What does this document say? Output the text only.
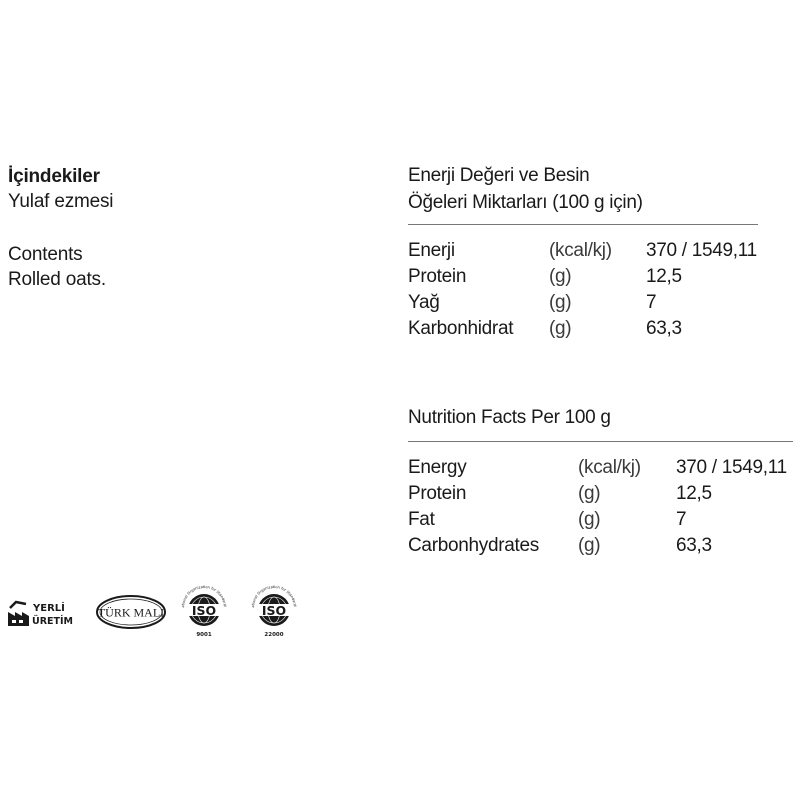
İçindekiler
Yulaf ezmesi
Contents
Rolled oats.
Enerji Değeri ve Besin
Öğeleri Miktarları (100 g için)
Enerji	(kcal/kj)	370 / 1549,11
Protein	(g)	12,5
Yağ	(g)	7
Karbonhidrat	(g)	63,3
Nutrition Facts Per 100 g
Energy	(kcal/kj)	370 / 1549,11
Protein	(g)	12,5
Fat	(g)	7
Carbonhydrates	(g)	63,3
YERLİ
ÜRETİM
TÜRK MALI	ational Organization for Standardi
ISO
9001
ational Organization for Standardi
ISO
22000
